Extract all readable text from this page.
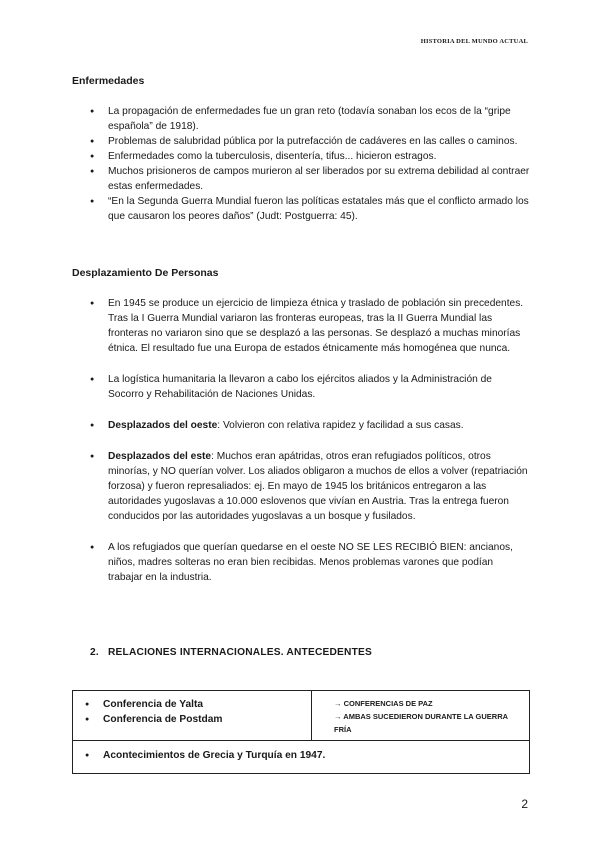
HISTORIA DEL MUNDO ACTUAL
Enfermedades
● La propagación de enfermedades fue un gran reto (todavía sonaban los ecos de la “gripe española” de 1918).
● Problemas de salubridad pública por la putrefacción de cadáveres en las calles o caminos.
● Enfermedades como la tuberculosis, disentería, tifus... hicieron estragos.
● Muchos prisioneros de campos murieron al ser liberados por su extrema debilidad al contraer estas enfermedades.
● “En la Segunda Guerra Mundial fueron las políticas estatales más que el conflicto armado los que causaron los peores daños” (Judt: Postguerra: 45).
Desplazamiento De Personas
● En 1945 se produce un ejercicio de limpieza étnica y traslado de población sin precedentes. Tras la I Guerra Mundial variaron las fronteras europeas, tras la II Guerra Mundial las fronteras no variaron sino que se desplazó a las personas. Se desplazó a muchas minorías étnica. El resultado fue una Europa de estados étnicamente más homogénea que nunca.
● La logística humanitaria la llevaron a cabo los ejércitos aliados y la Administración de Socorro y Rehabilitación de Naciones Unidas.
● Desplazados del oeste: Volvieron con relativa rapidez y facilidad a sus casas.
● Desplazados del este: Muchos eran apátridas, otros eran refugiados políticos, otros minorías, y NO querían volver. Los aliados obligaron a muchos de ellos a volver (repatriación forzosa) y fueron represaliados: ej. En mayo de 1945 los británicos entregaron a las autoridades yugoslavas a 10.000 eslovenos que vivían en Austria. Tras la entrega fueron conducidos por las autoridades yugoslavas a un bosque y fusilados.
● A los refugiados que querían quedarse en el oeste NO SE LES RECIBIÓ BIEN: ancianos, niños, madres solteras no eran bien recibidas. Menos problemas varones que podían trabajar en la industria.
2. RELACIONES INTERNACIONALES. ANTECEDENTES
● Conferencia de Yalta
● Conferencia de Postdam

→ CONFERENCIAS DE PAZ
→ AMBAS SUCEDIERON DURANTE LA GUERRA FRÍA

● Acontecimientos de Grecia y Turquía en 1947.
2
